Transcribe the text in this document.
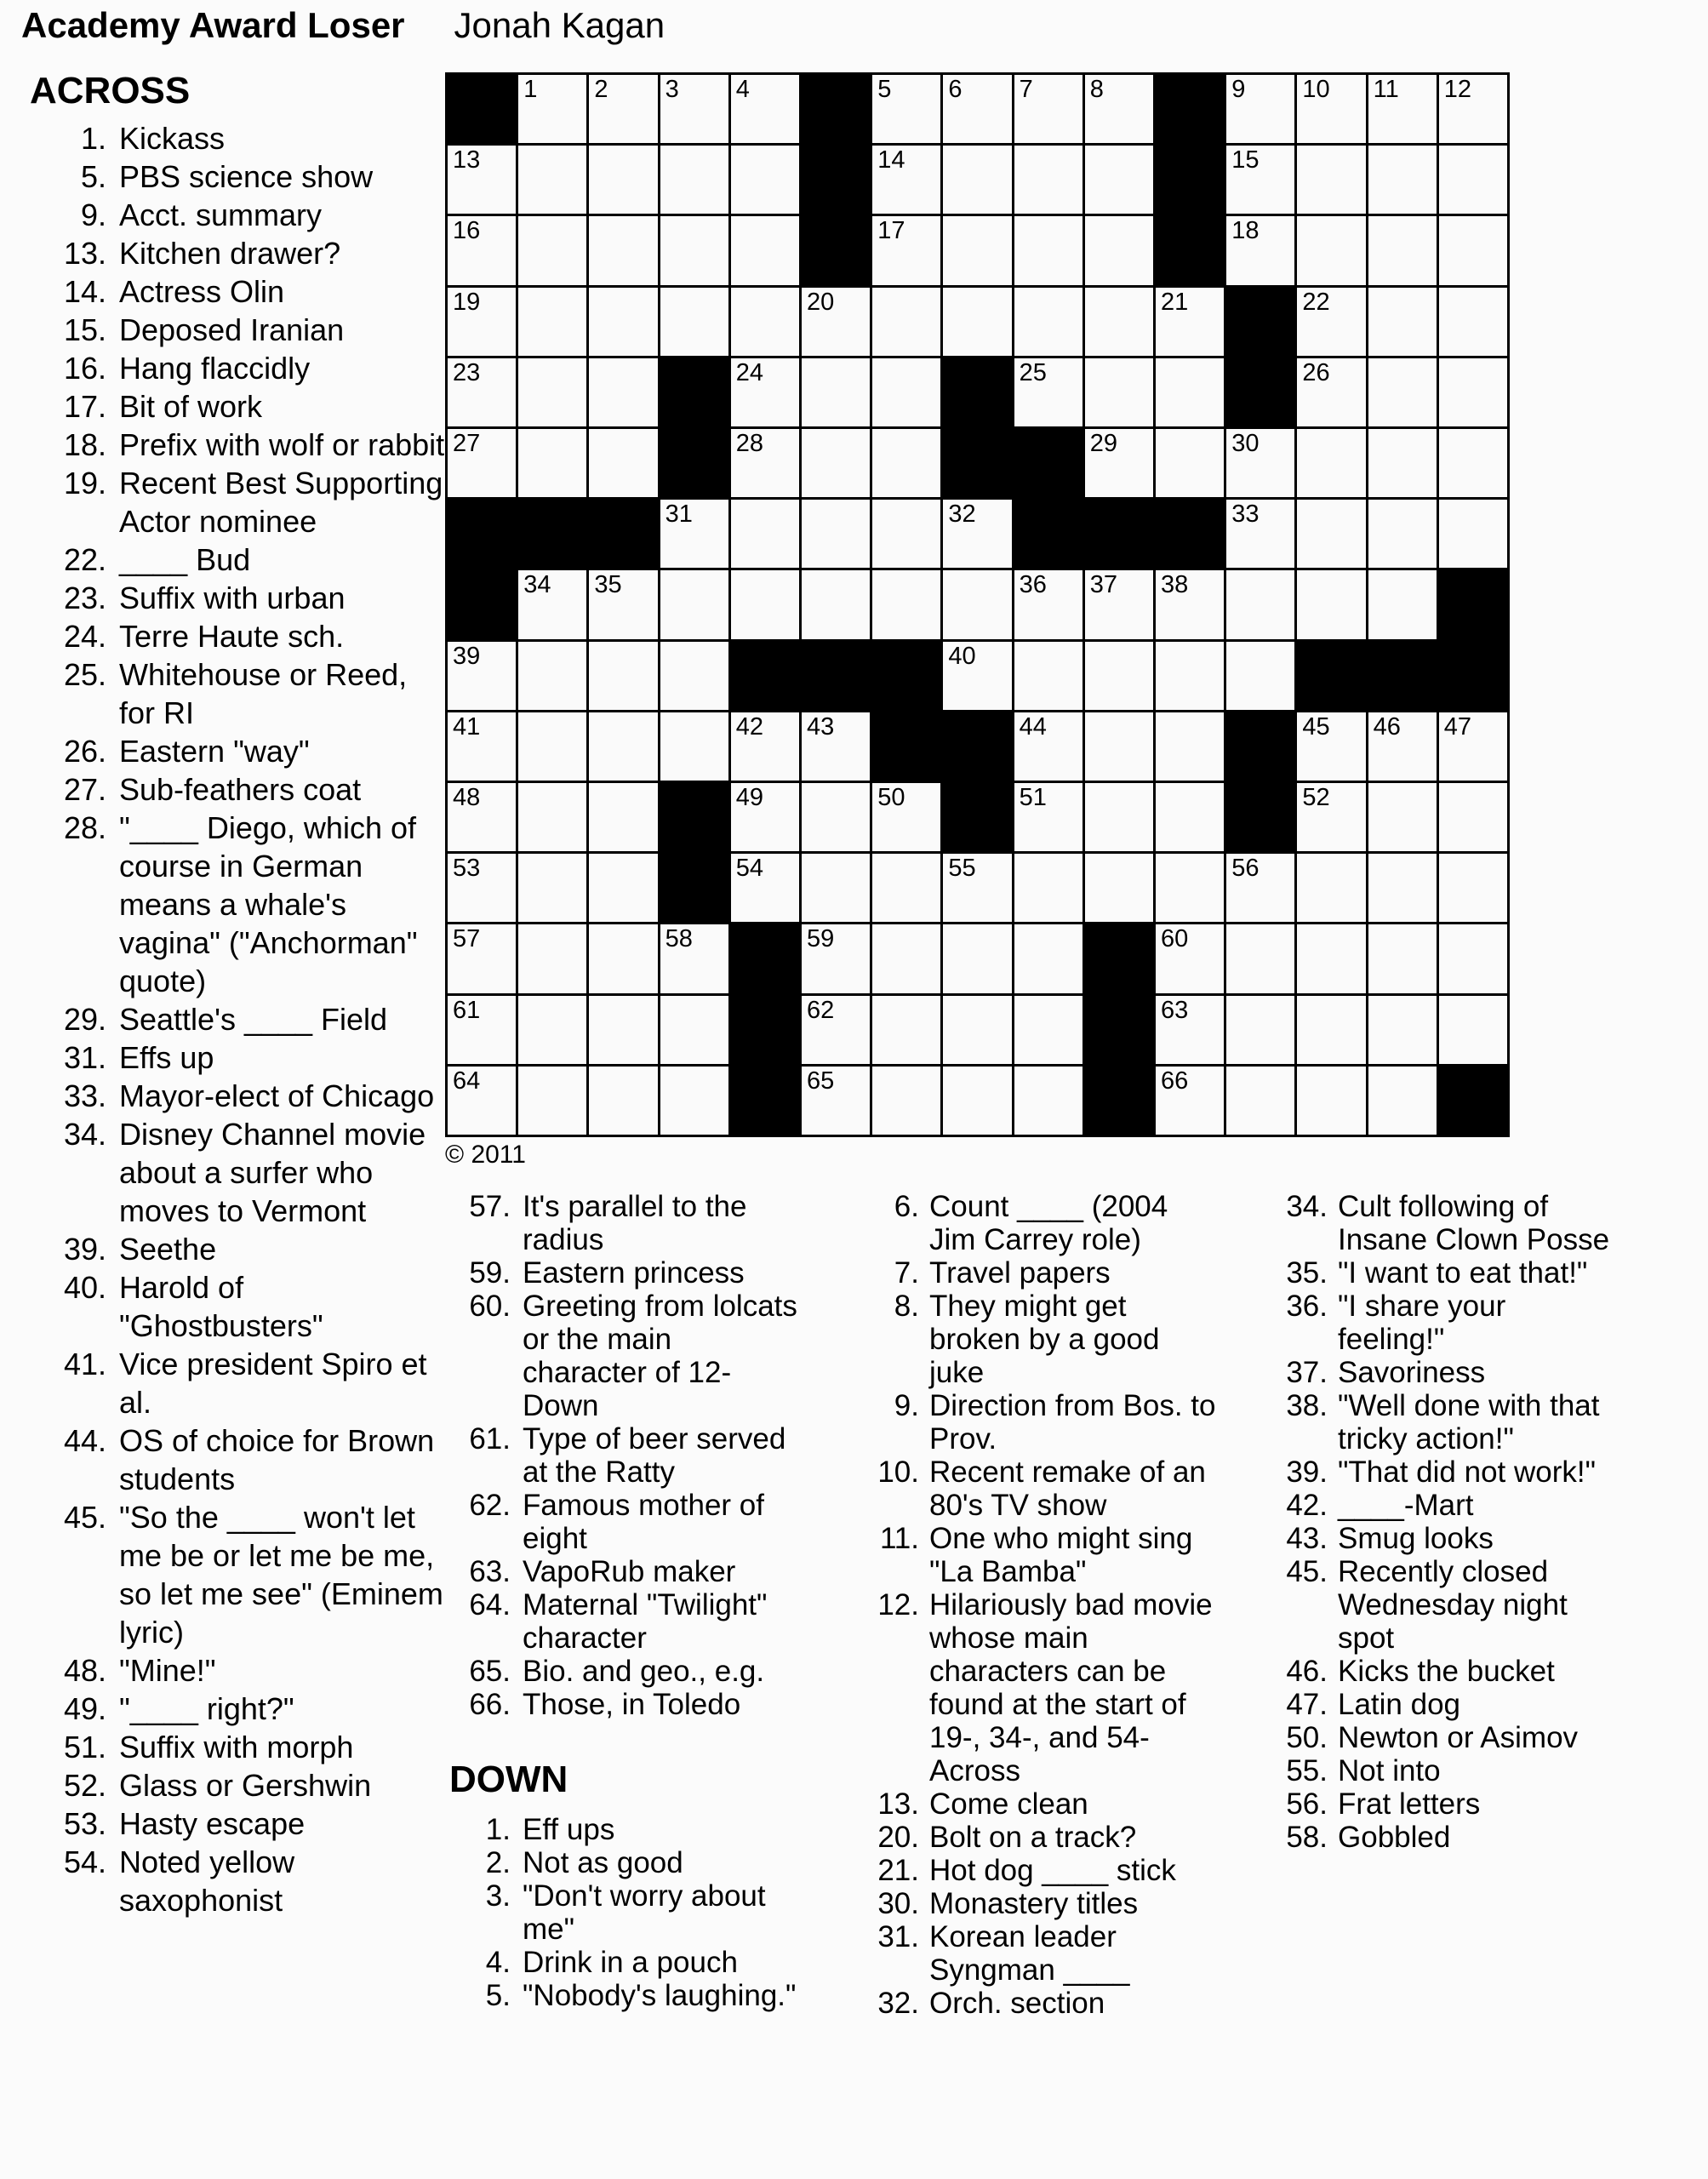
Academy Award Loser Jonah Kagan
ACROSS
1. Kickass
5. PBS science show
9. Acct. summary
13. Kitchen drawer?
14. Actress Olin
15. Deposed Iranian
16. Hang flaccidly
17. Bit of work
18. Prefix with wolf or rabbit
19. Recent Best Supporting Actor nominee
22. ____ Bud
23. Suffix with urban
24. Terre Haute sch.
25. Whitehouse or Reed, for RI
26. Eastern "way"
27. Sub-feathers coat
28. "____ Diego, which of course in German means a whale's vagina" ("Anchorman" quote)
29. Seattle's ____ Field
31. Effs up
33. Mayor-elect of Chicago
34. Disney Channel movie about a surfer who moves to Vermont
39. Seethe
40. Harold of "Ghostbusters"
41. Vice president Spiro et al.
44. OS of choice for Brown students
45. "So the ____ won't let me be or let me be me, so let me see" (Eminem lyric)
48. "Mine!"
49. "____ right?"
51. Suffix with morph
52. Glass or Gershwin
53. Hasty escape
54. Noted yellow saxophonist
1 2 3 4	5 6 7 8	9 10 11 12
13	14	15
16	17	18
19	20	21	22
23	24	25	26
27	28	29	30
31	32	33
34 35	36 37 38
39	40
41	42 43	44	45 46 47
48	49	50	51	52
53	54	55	56
57	58	59	60
61	62	63
64	65	66
© 2011
57. It's parallel to the radius
59. Eastern princess
60. Greeting from lolcats or the main character of 12-Down
61. Type of beer served at the Ratty
62. Famous mother of eight
63. VapoRub maker
64. Maternal "Twilight" character
65. Bio. and geo., e.g.
66. Those, in Toledo
DOWN
1. Eff ups
2. Not as good
3. "Don't worry about me"
4. Drink in a pouch
5. "Nobody's laughing."
6. Count ____ (2004 Jim Carrey role)
7. Travel papers
8. They might get broken by a good juke
9. Direction from Bos. to Prov.
10. Recent remake of an 80's TV show
11. One who might sing "La Bamba"
12. Hilariously bad movie whose main characters can be found at the start of 19-, 34-, and 54-Across
13. Come clean
20. Bolt on a track?
21. Hot dog ____ stick
30. Monastery titles
31. Korean leader Syngman ____
32. Orch. section
34. Cult following of Insane Clown Posse
35. "I want to eat that!"
36. "I share your feeling!"
37. Savoriness
38. "Well done with that tricky action!"
39. "That did not work!"
42. ____-Mart
43. Smug looks
45. Recently closed Wednesday night spot
46. Kicks the bucket
47. Latin dog
50. Newton or Asimov
55. Not into
56. Frat letters
58. Gobbled
